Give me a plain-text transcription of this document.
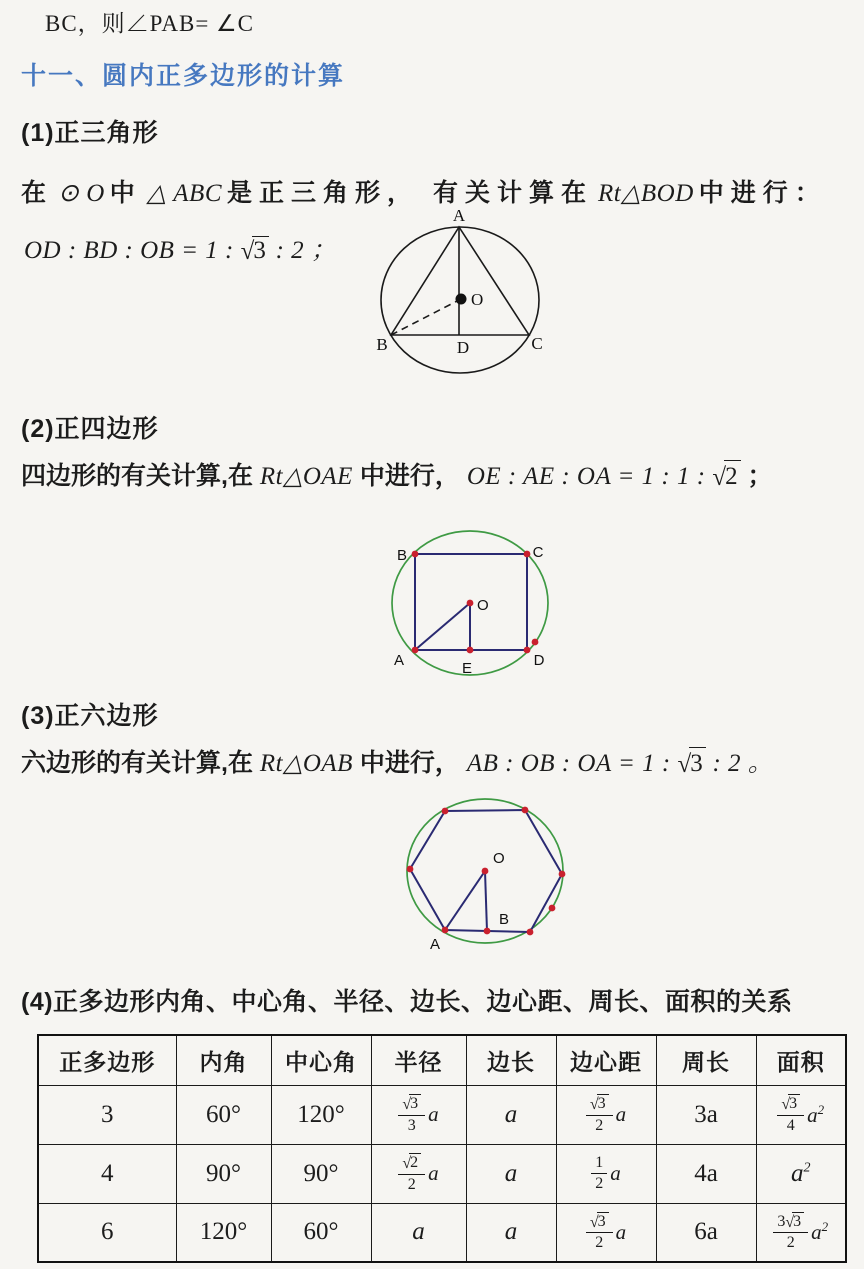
BC，则∠PAB= ∠C
十一、圆内正多边形的计算
(1)正三角形
在 ⊙ O 中 △ ABC 是正三角形， 有关计算在 Rt△BOD 中进行：
OD : BD : OB = 1 : √3 : 2 ；
A
B	C
D
O
(2)正四边形
四边形的有关计算,在 Rt△OAE 中进行， OE : AE : OA = 1 : 1 : √2 ；
B	C
A	D
O
E
(3)正六边形
六边形的有关计算,在 Rt△OAB 中进行， AB : OB : OA = 1 : √3 : 2 。
O
A
B
(4)正多边形内角、中心角、半径、边长、边心距、周长、面积的关系
正多边形	内角	中心角	半径	边长	边心距	周长	面积
3	60°	120°	$\frac{√3}{3}$ a	a	$\frac{√3}{2}$ a	3a	$\frac{√3}{4} a^2$
4	90°	90°	$\frac{√2}{2}$ a	a	$\frac{1}{2}$ a	4a	$a^2$
6	120°	60°	a	a	$\frac{√3}{2}$ a	6a	$\frac{3√3}{2} a^2$
